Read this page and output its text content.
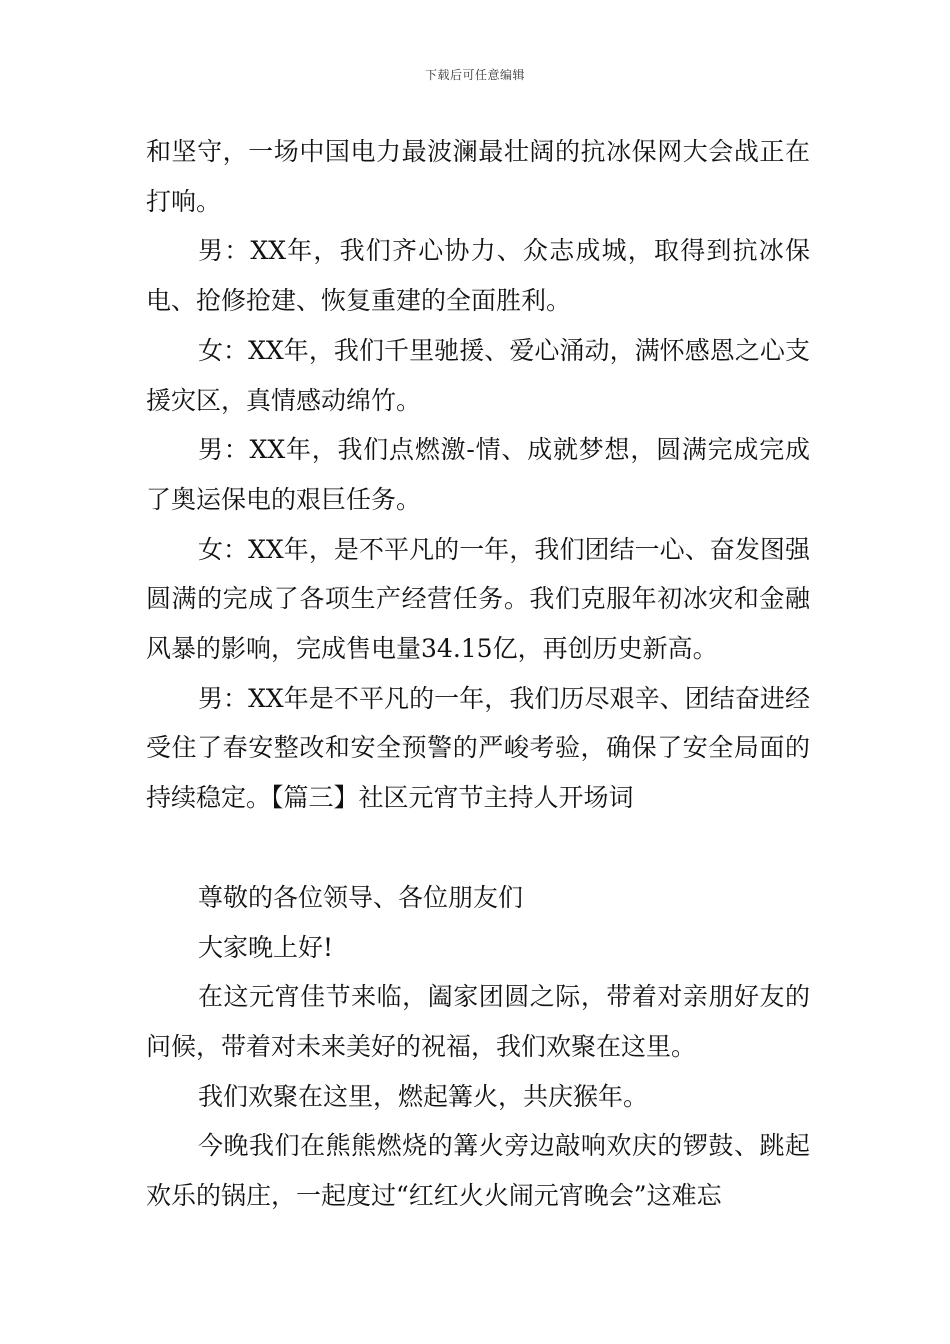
下载后可任意编辑

和坚守，一场中国电力最波澜最壮阔的抗冰保网大会战正在打响。

男：XX年，我们齐心协力、众志成城，取得到抗冰保电、抢修抢建、恢复重建的全面胜利。

女：XX年，我们千里驰援、爱心涌动，满怀感恩之心支援灾区，真情感动绵竹。

男：XX年，我们点燃激-情、成就梦想，圆满完成完成了奥运保电的艰巨任务。

女：XX年，是不平凡的一年，我们团结一心、奋发图强圆满的完成了各项生产经营任务。我们克服年初冰灾和金融风暴的影响，完成售电量34.15亿，再创历史新高。

男：XX年是不平凡的一年，我们历尽艰辛、团结奋进经受住了春安整改和安全预警的严峻考验，确保了安全局面的持续稳定。【篇三】社区元宵节主持人开场词

尊敬的各位领导、各位朋友们

大家晚上好!

在这元宵佳节来临，阖家团圆之际，带着对亲朋好友的问候，带着对未来美好的祝福，我们欢聚在这里。

我们欢聚在这里，燃起篝火，共庆猴年。

今晚我们在熊熊燃烧的篝火旁边敲响欢庆的锣鼓、跳起欢乐的锅庄，一起度过“红红火火闹元宵晚会”这难忘
